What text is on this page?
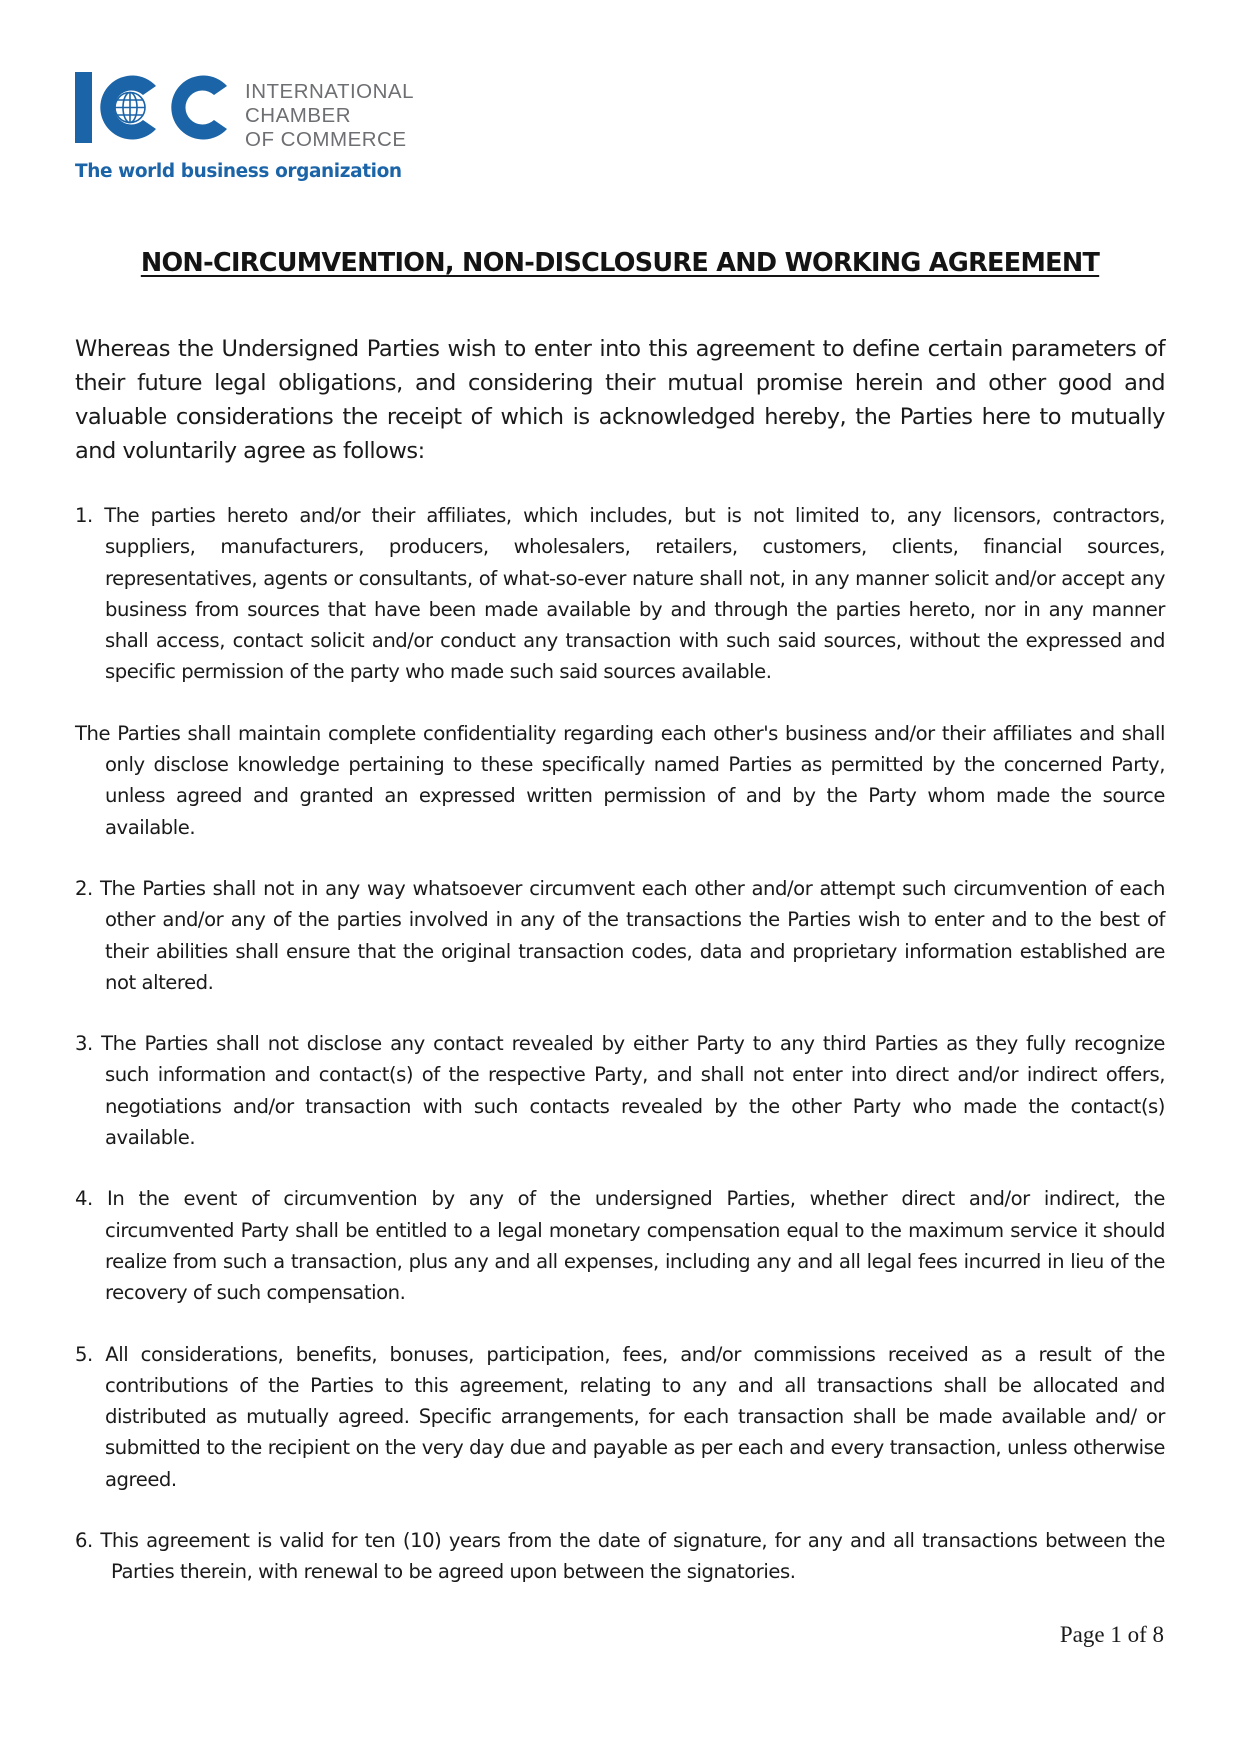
INTERNATIONAL
CHAMBER
OF COMMERCE
The world business organization
NON-CIRCUMVENTION, NON-DISCLOSURE AND WORKING AGREEMENT

Whereas the Undersigned Parties wish to enter into this agreement to define certain parameters of their future legal obligations, and considering their mutual promise herein and other good and valuable considerations the receipt of which is acknowledged hereby, the Parties here to mutually and voluntarily agree as follows:

1. The parties hereto and/or their affiliates, which includes, but is not limited to, any licensors, contractors, suppliers, manufacturers, producers, wholesalers, retailers, customers, clients, financial sources, representatives, agents or consultants, of what-so-ever nature shall not, in any manner solicit and/or accept any business from sources that have been made available by and through the parties hereto, nor in any manner shall access, contact solicit and/or conduct any transaction with such said sources, without the expressed and specific permission of the party who made such said sources available.

The Parties shall maintain complete confidentiality regarding each other's business and/or their affiliates and shall only disclose knowledge pertaining to these specifically named Parties as permitted by the concerned Party, unless agreed and granted an expressed written permission of and by the Party whom made the source available.

2. The Parties shall not in any way whatsoever circumvent each other and/or attempt such circumvention of each other and/or any of the parties involved in any of the transactions the Parties wish to enter and to the best of their abilities shall ensure that the original transaction codes, data and proprietary information established are not altered.

3. The Parties shall not disclose any contact revealed by either Party to any third Parties as they fully recognize such information and contact(s) of the respective Party, and shall not enter into direct and/or indirect offers, negotiations and/or transaction with such contacts revealed by the other Party who made the contact(s) available.

4. In the event of circumvention by any of the undersigned Parties, whether direct and/or indirect, the circumvented Party shall be entitled to a legal monetary compensation equal to the maximum service it should realize from such a transaction, plus any and all expenses, including any and all legal fees incurred in lieu of the recovery of such compensation.

5. All considerations, benefits, bonuses, participation, fees, and/or commissions received as a result of the contributions of the Parties to this agreement, relating to any and all transactions shall be allocated and distributed as mutually agreed. Specific arrangements, for each transaction shall be made available and/ or submitted to the recipient on the very day due and payable as per each and every transaction, unless otherwise agreed.

6. This agreement is valid for ten (10) years from the date of signature, for any and all transactions between the Parties therein, with renewal to be agreed upon between the signatories.

Page 1 of 8
